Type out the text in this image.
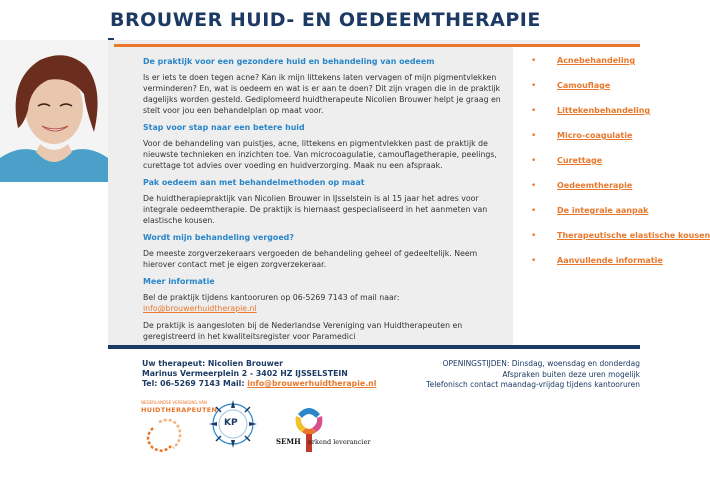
BROUWER HUID- EN OEDEEMTHERAPIE
De praktijk voor een gezondere huid en behandeling van oedeem

Is er iets te doen tegen acne? Kan ik mijn littekens laten vervagen of mijn pigmentvlekken verminderen? En, wat is oedeem en wat is er aan te doen? Dit zijn vragen die in de praktijk dagelijks worden gesteld. Gediplomeerd huidtherapeute Nicolien Brouwer helpt je graag en stelt voor jou een behandelplan op maat voor.

Stap voor stap naar een betere huid

Voor de behandeling van puistjes, acne, littekens en pigmentvlekken past de praktijk de nieuwste technieken en inzichten toe. Van microcoagulatie, camouflagetherapie, peelings, curettage tot advies over voeding en huidverzorging. Maak nu een afspraak.

Pak oedeem aan met behandelmethoden op maat

De huidtherapiepraktijk van Nicolien Brouwer in IJsselstein is al 15 jaar het adres voor integrale oedeemtherapie. De praktijk is hiernaast gespecialiseerd in het aanmeten van elastische kousen.

Wordt mijn behandeling vergoed?

De meeste zorgverzekeraars vergoeden de behandeling geheel of gedeeltelijk. Neem hierover contact met je eigen zorgverzekeraar.

Meer informatie

Bel de praktijk tijdens kantooruren op 06-5269 7143 of mail naar: info@brouwerhuidtherapie.nl

De praktijk is aangesloten bij de Nederlandse Vereniging van Huidtherapeuten en geregistreerd in het kwaliteitsregister voor Paramedici

•	Acnebehandeling
•	Camouflage
•	Littekenbehandeling
•	Micro-coagulatie
•	Curettage
•	Oedeemtherapie
•	De integrale aanpak
•	Therapeutische elastische kousen
•	Aanvullende informatie
Uw therapeut: Nicolien Brouwer
Marinus Vermeerplein 2 - 3402 HZ IJSSELSTEIN
Tel: 06-5269 7143 Mail: info@brouwerhuidtherapie.nl
OPENINGSTIJDEN: Dinsdag, woensdag en donderdag
Afspraken buiten deze uren mogelijk
Telefonisch contact maandag-vrijdag tijdens kantooruren
NEDERLANDSE VERENIGING VAN
HUIDTHERAPEUTEN
KP
SEMH erkend leverancier
